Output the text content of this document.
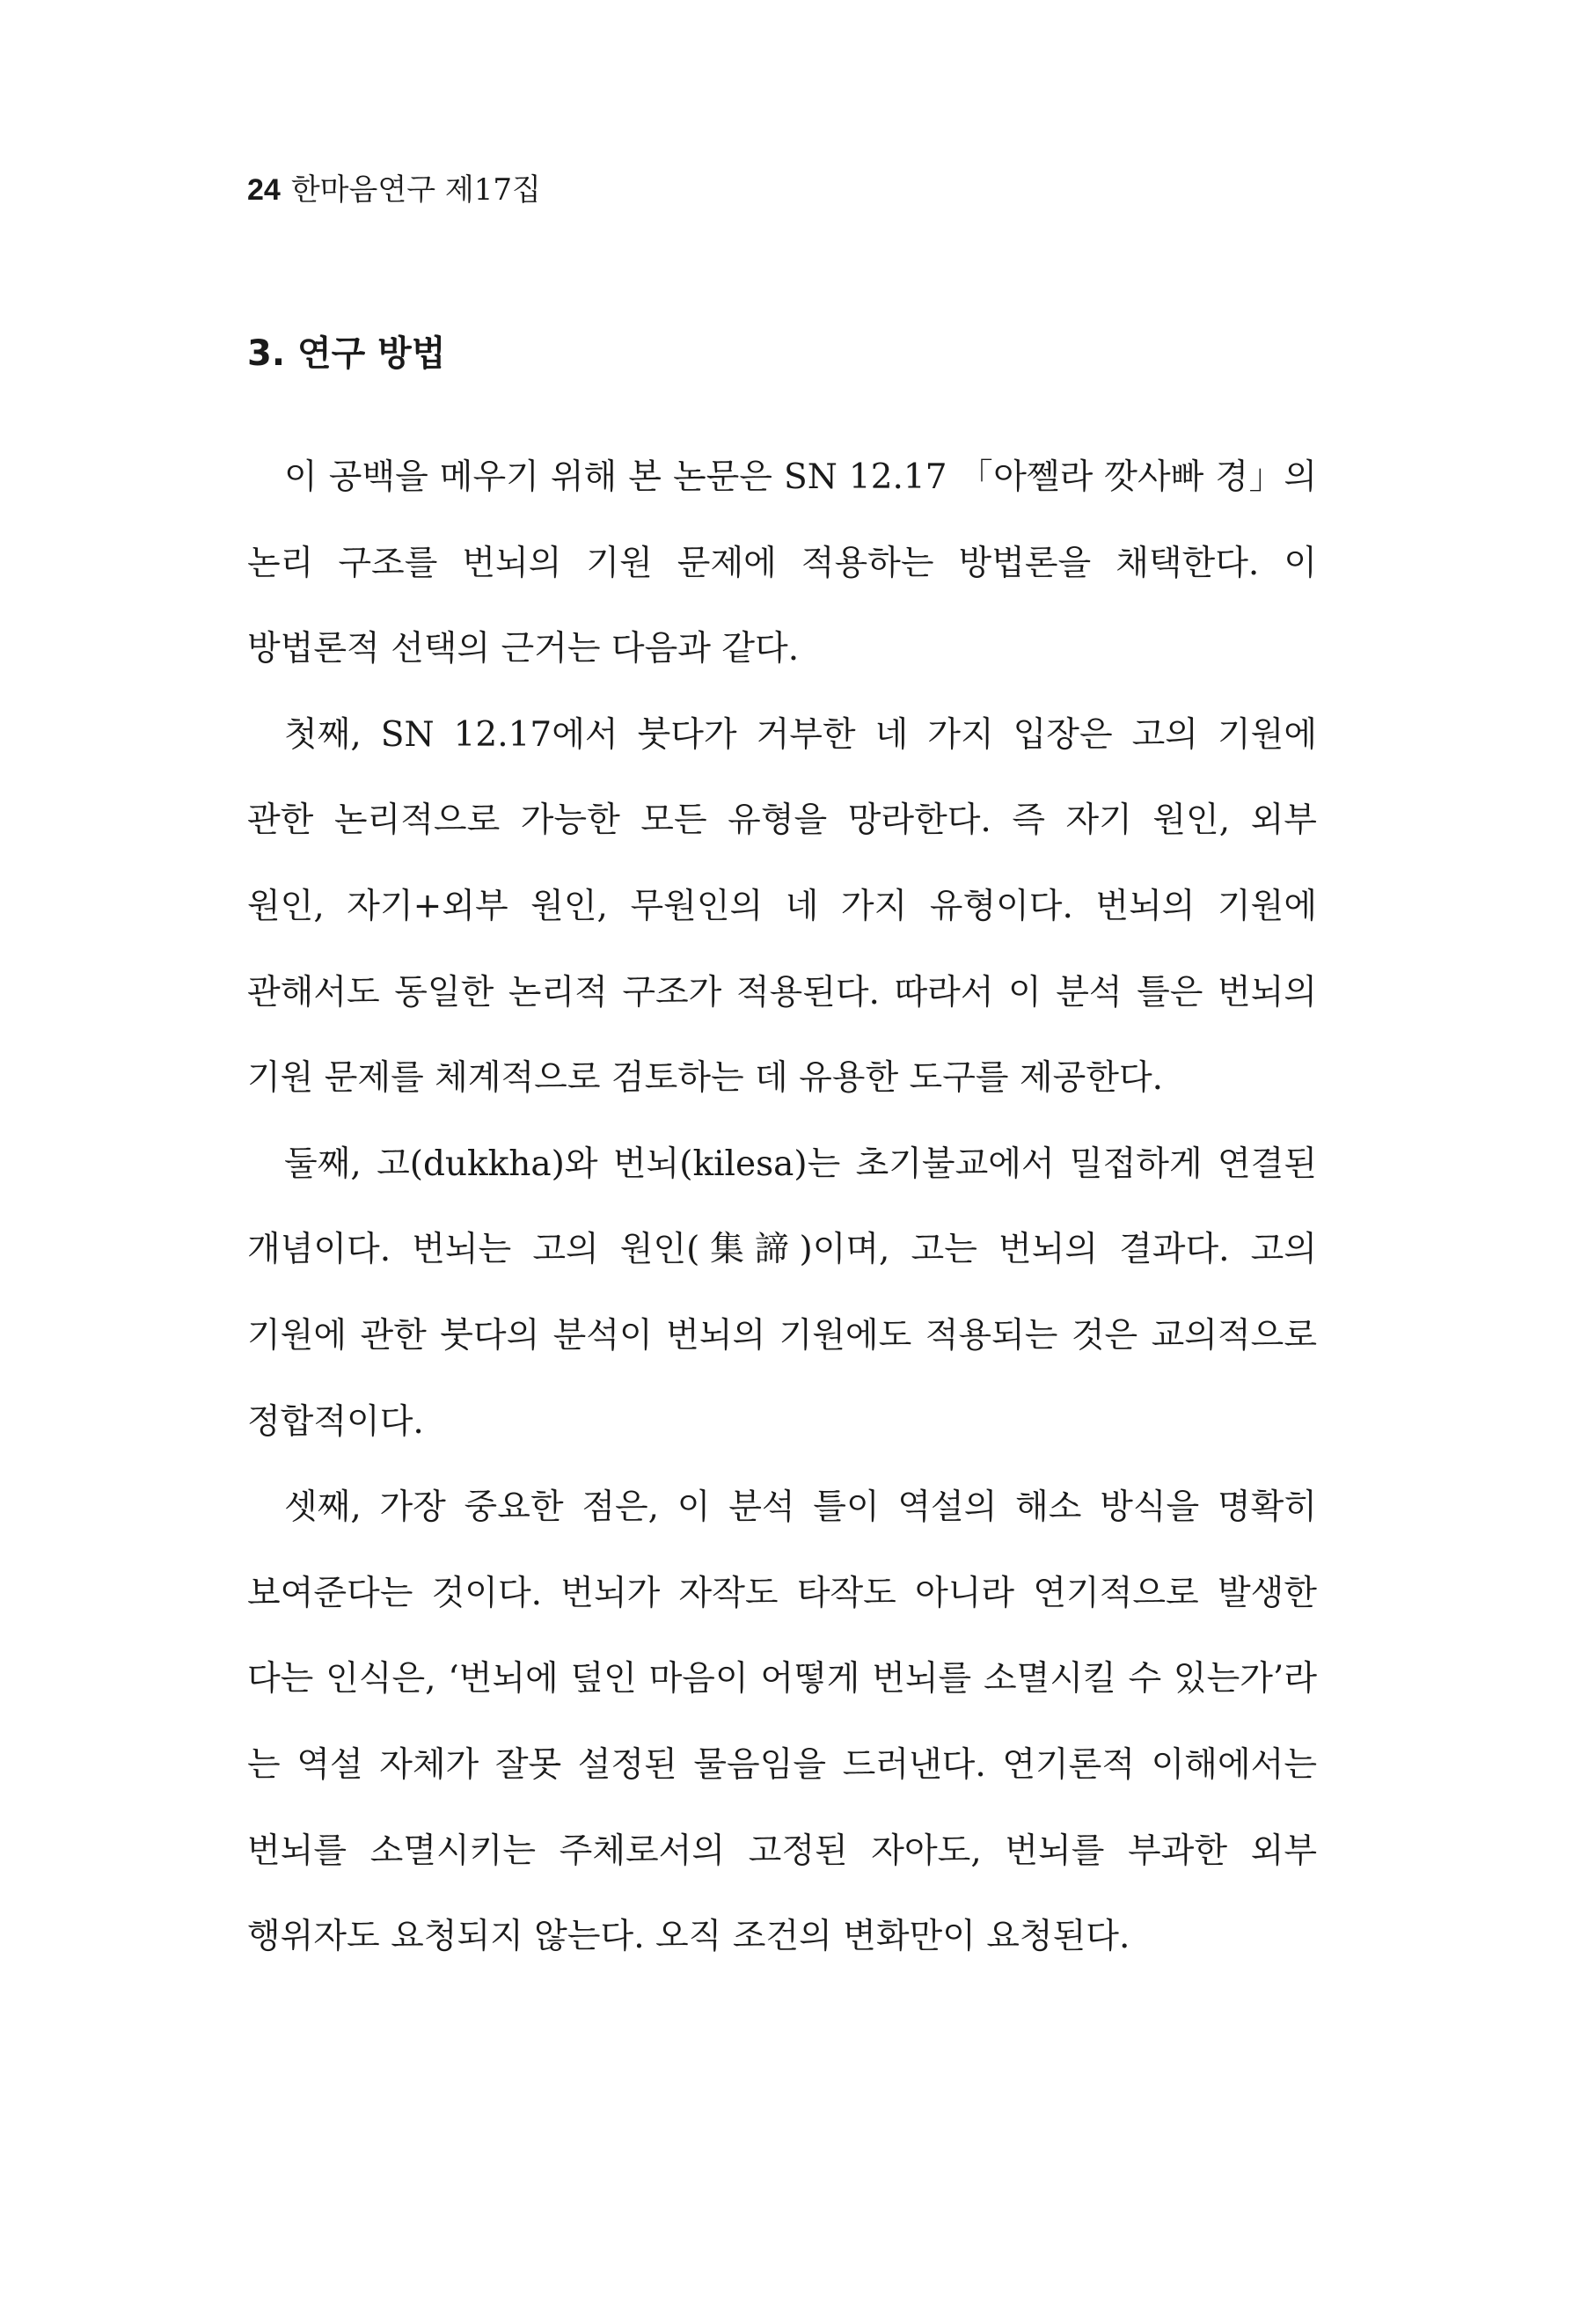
24 한마음연구 제17집
3. 연구 방법
이 공백을 메우기 위해 본 논문은 SN 12.17 「아쩰라 깟사빠 경」의
논리 구조를 번뇌의 기원 문제에 적용하는 방법론을 채택한다. 이
방법론적 선택의 근거는 다음과 같다.
첫째, SN 12.17에서 붓다가 거부한 네 가지 입장은 고의 기원에
관한 논리적으로 가능한 모든 유형을 망라한다. 즉 자기 원인, 외부
원인, 자기+외부 원인, 무원인의 네 가지 유형이다. 번뇌의 기원에
관해서도 동일한 논리적 구조가 적용된다. 따라서 이 분석 틀은 번뇌의
기원 문제를 체계적으로 검토하는 데 유용한 도구를 제공한다.
둘째, 고(dukkha)와 번뇌(kilesa)는 초기불교에서 밀접하게 연결된
개념이다. 번뇌는 고의 원인(集諦)이며, 고는 번뇌의 결과다. 고의
기원에 관한 붓다의 분석이 번뇌의 기원에도 적용되는 것은 교의적으로
정합적이다.
셋째, 가장 중요한 점은, 이 분석 틀이 역설의 해소 방식을 명확히
보여준다는 것이다. 번뇌가 자작도 타작도 아니라 연기적으로 발생한
다는 인식은, ‘번뇌에 덮인 마음이 어떻게 번뇌를 소멸시킬 수 있는가’라
는 역설 자체가 잘못 설정된 물음임을 드러낸다. 연기론적 이해에서는
번뇌를 소멸시키는 주체로서의 고정된 자아도, 번뇌를 부과한 외부
행위자도 요청되지 않는다. 오직 조건의 변화만이 요청된다.
